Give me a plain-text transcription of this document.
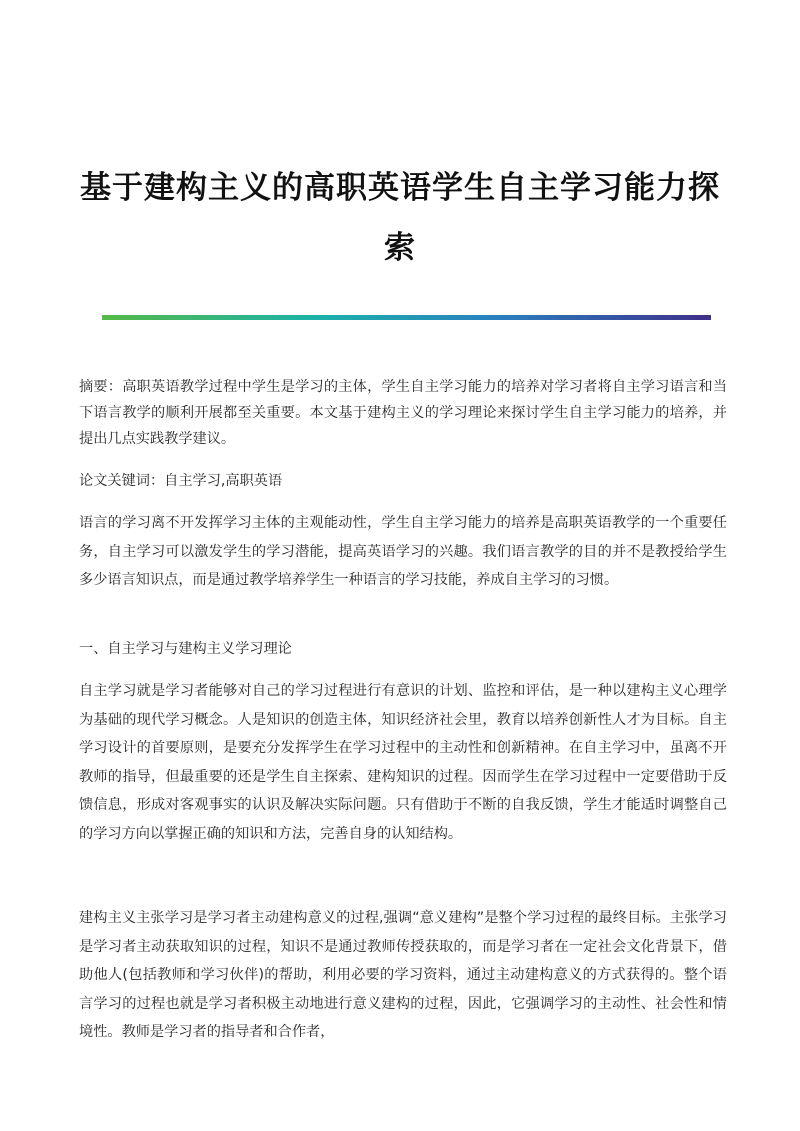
基于建构主义的高职英语学生自主学习能力探索

摘要：高职英语教学过程中学生是学习的主体，学生自主学习能力的培养对学习者将自主学习语言和当下语言教学的顺利开展都至关重要。本文基于建构主义的学习理论来探讨学生自主学习能力的培养，并提出几点实践教学建议。

论文关键词：自主学习,高职英语

语言的学习离不开发挥学习主体的主观能动性，学生自主学习能力的培养是高职英语教学的一个重要任务，自主学习可以激发学生的学习潜能，提高英语学习的兴趣。我们语言教学的目的并不是教授给学生多少语言知识点，而是通过教学培养学生一种语言的学习技能，养成自主学习的习惯。

一、自主学习与建构主义学习理论

自主学习就是学习者能够对自己的学习过程进行有意识的计划、监控和评估，是一种以建构主义心理学为基础的现代学习概念。人是知识的创造主体，知识经济社会里，教育以培养创新性人才为目标。自主学习设计的首要原则，是要充分发挥学生在学习过程中的主动性和创新精神。在自主学习中，虽离不开教师的指导，但最重要的还是学生自主探索、建构知识的过程。因而学生在学习过程中一定要借助于反馈信息，形成对客观事实的认识及解决实际问题。只有借助于不断的自我反馈，学生才能适时调整自己的学习方向以掌握正确的知识和方法，完善自身的认知结构。

建构主义主张学习是学习者主动建构意义的过程,强调“意义建构”是整个学习过程的最终目标。主张学习是学习者主动获取知识的过程，知识不是通过教师传授获取的，而是学习者在一定社会文化背景下，借助他人(包括教师和学习伙伴)的帮助，利用必要的学习资料，通过主动建构意义的方式获得的。整个语言学习的过程也就是学习者积极主动地进行意义建构的过程，因此，它强调学习的主动性、社会性和情境性。教师是学习者的指导者和合作者，
